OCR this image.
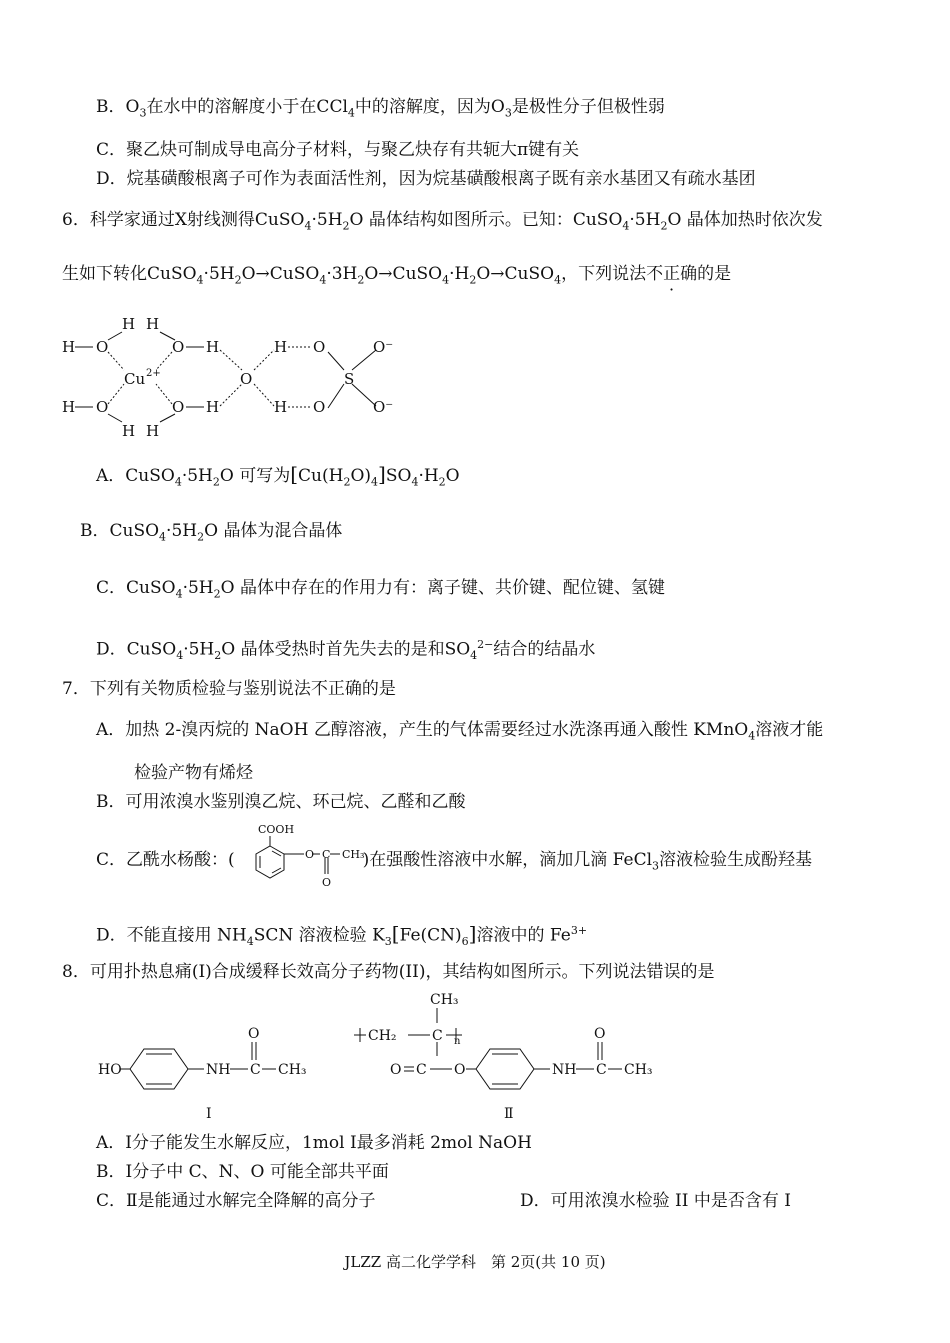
B．$O_3$在水中的溶解度小于在CCl$_4$中的溶解度，因为$O_3$是极性分子但极性弱
C．聚乙炔可制成导电高分子材料，与聚乙炔存有共轭大π键有关
D．烷基磺酸根离子可作为表面活性剂，因为烷基磺酸根离子既有亲水基团又有疏水基团
6．科学家通过X射线测得$CuSO_4\cdot 5H_2O$ 晶体结构如图所示。已知：$CuSO_4\cdot 5H_2O$ 晶体加热时依次发
生如下转化$CuSO_4\cdot 5H_2O\to CuSO_4\cdot 3H_2O\to CuSO_4\cdot H_2O\to CuSO_4$，下列说法不正确的是
H H
H O	O H
Cu 2+
H O	O H
H H
O
H O
H O
S
O⁻
O⁻
A．$CuSO_4\cdot 5H_2O$ 可写为$[Cu(H_2O)_4]SO_4\cdot H_2O$
B．$CuSO_4\cdot 5H_2O$ 晶体为混合晶体
C．$CuSO_4\cdot 5H_2O$ 晶体中存在的作用力有：离子键、共价键、配位键、氢键
D．$CuSO_4\cdot 5H_2O$ 晶体受热时首先失去的是和$SO_4^{2-}$结合的结晶水
7．下列有关物质检验与鉴别说法不正确的是
A．加热 2-溴丙烷的 NaOH 乙醇溶液，产生的气体需要经过水洗涤再通入酸性 KMnO$_4$溶液才能
检验产物有烯烃
B．可用浓溴水鉴别溴乙烷、环己烷、乙醛和乙酸
C．乙酰水杨酸：(	)在强酸性溶液中水解，滴加几滴 FeCl$_3$溶液检验生成酚羟基
COOH
O C CH₃
O
D．不能直接用 $NH_4SCN$ 溶液检验 $K_3[Fe(CN)_6]$溶液中的 $Fe^{3+}$
8．可用扑热息痛(I)合成缓释长效高分子药物(II)，其结构如图所示。下列说法错误的是
HO	NH C
O
CH₃
Ⅰ
CH₃
CH₂	C n
O C O	NH C
O
CH₃
Ⅱ
A．Ⅰ分子能发生水解反应，1mol Ⅰ最多消耗 2mol NaOH
B．Ⅰ分子中 C、N、O 可能全部共平面
C．Ⅱ是能通过水解完全降解的高分子	D．可用浓溴水检验 II 中是否含有 I
JLZZ 高二化学学科　第 2页(共 10 页)
